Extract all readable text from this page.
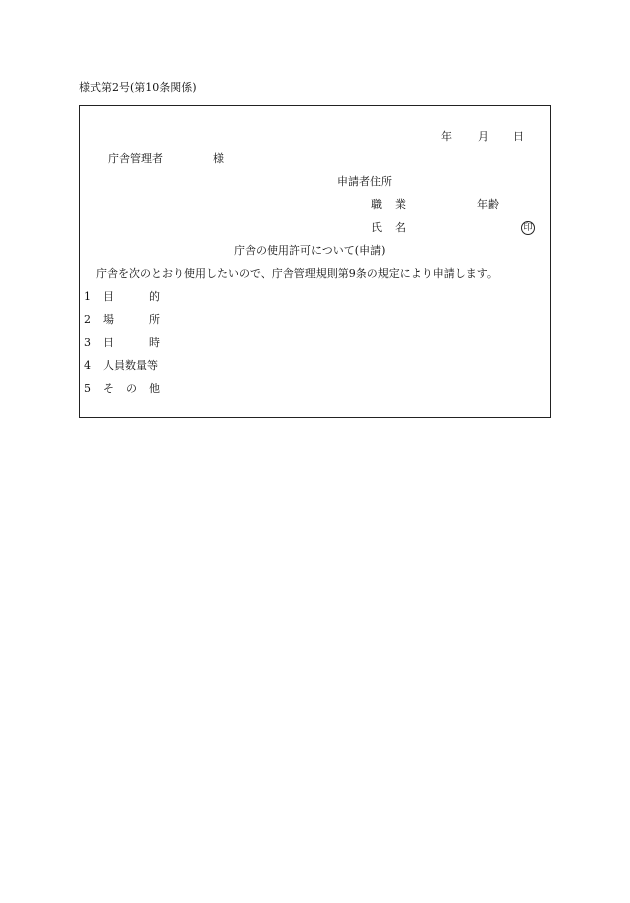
様式第2号(第10条関係)
年 月 日
庁舎管理者	様
申請者住所
職 業	年齢
氏 名	印
庁舎の使用許可について(申請)
庁舎を次のとおり使用したいので、庁舎管理規則第9条の規定により申請します。
1 目	的
2 場	所
3 日	時
4 人員数量等
5 そ の 他
